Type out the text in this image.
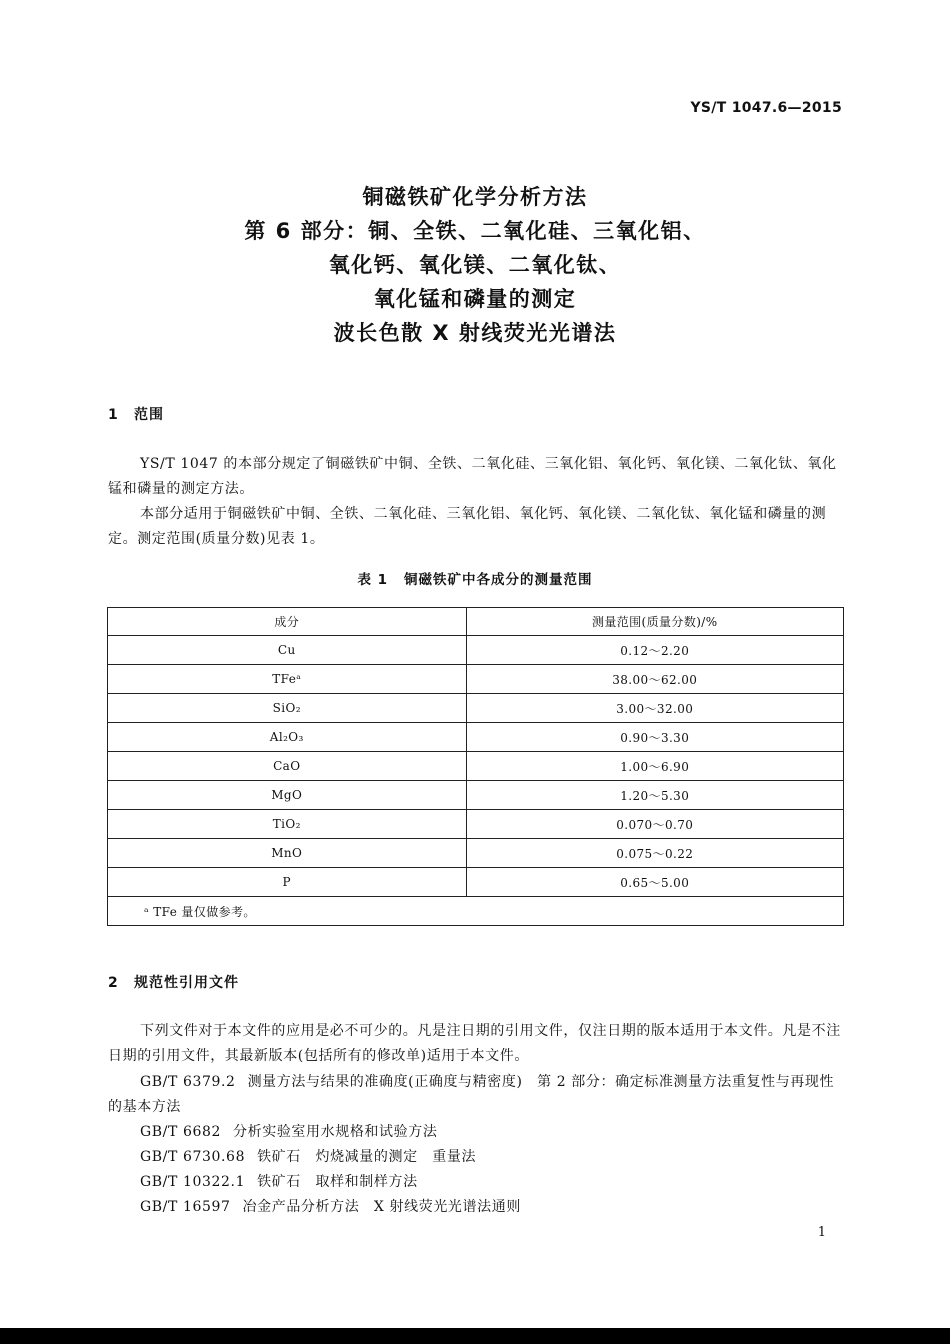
YS/T 1047.6—2015
铜磁铁矿化学分析方法
第 6 部分：铜、全铁、二氧化硅、三氧化铝、
氧化钙、氧化镁、二氧化钛、
氧化锰和磷量的测定
波长色散 X 射线荧光光谱法
1 范围

YS/T 1047 的本部分规定了铜磁铁矿中铜、全铁、二氧化硅、三氧化铝、氧化钙、氧化镁、二氧化钛、氧化锰和磷量的测定方法。

本部分适用于铜磁铁矿中铜、全铁、二氧化硅、三氧化铝、氧化钙、氧化镁、二氧化钛、氧化锰和磷量的测定。测定范围(质量分数)见表 1。

表 1 铜磁铁矿中各成分的测量范围
成分	测量范围(质量分数)/%
Cu	0.12～2.20
TFeᵃ	38.00～62.00
SiO₂	3.00～32.00
Al₂O₃	0.90～3.30
CaO	1.00～6.90
MgO	1.20～5.30
TiO₂	0.070～0.70
MnO	0.075～0.22
P	0.65～5.00
ᵃ TFe 量仅做参考。	
2 规范性引用文件

下列文件对于本文件的应用是必不可少的。凡是注日期的引用文件，仅注日期的版本适用于本文件。凡是不注日期的引用文件，其最新版本(包括所有的修改单)适用于本文件。

GB/T 6379.2 测量方法与结果的准确度(正确度与精密度)　第 2 部分：确定标准测量方法重复性与再现性的基本方法
GB/T 6682 分析实验室用水规格和试验方法
GB/T 6730.68 铁矿石　灼烧减量的测定　重量法
GB/T 10322.1 铁矿石　取样和制样方法
GB/T 16597 冶金产品分析方法　X 射线荧光光谱法通则
1
